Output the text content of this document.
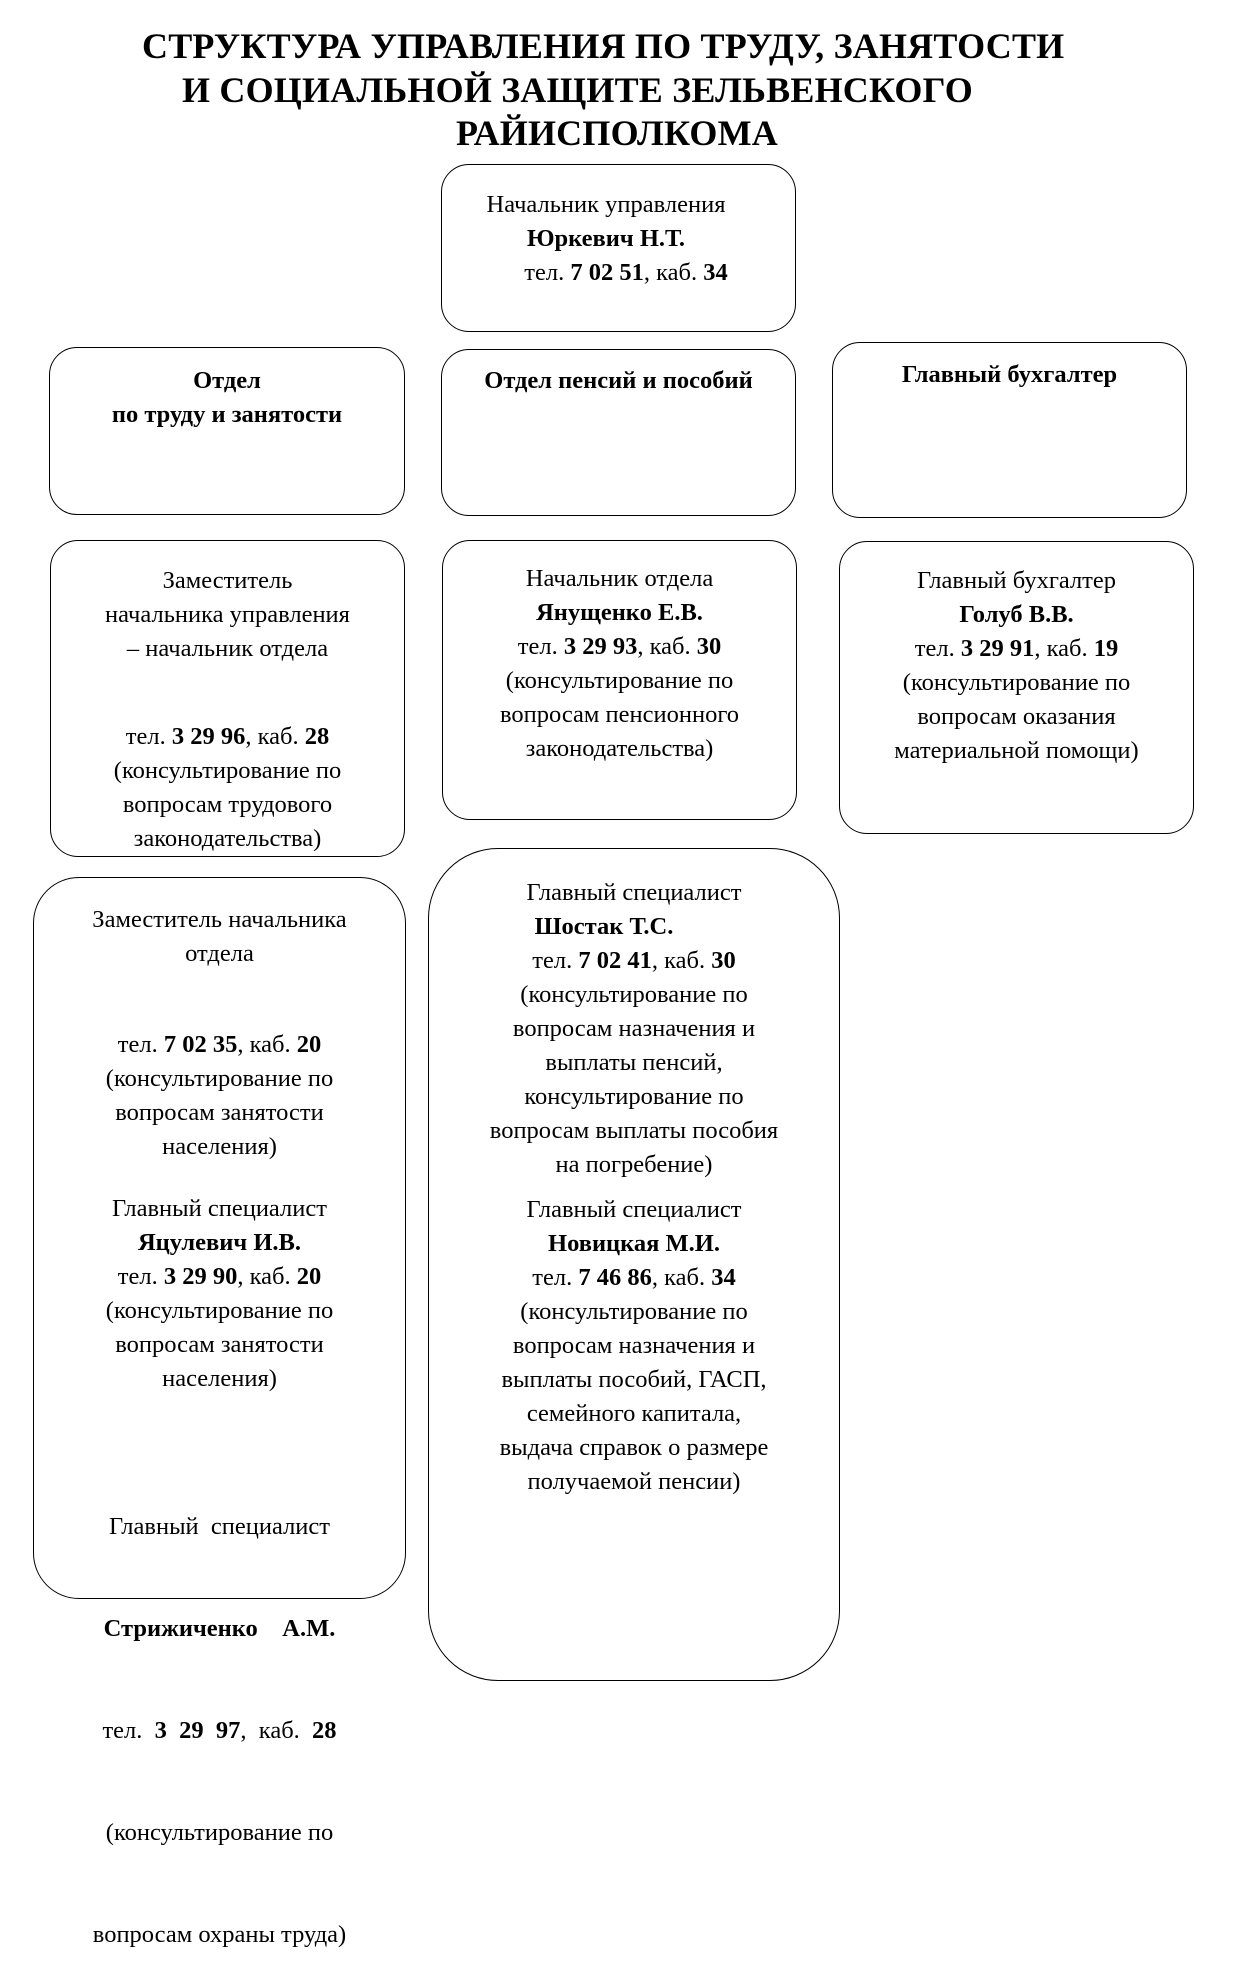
СТРУКТУРА УПРАВЛЕНИЯ ПО ТРУДУ, ЗАНЯТОСТИ
И СОЦИАЛЬНОЙ ЗАЩИТЕ ЗЕЛЬВЕНСКОГО
РАЙИСПОЛКОМА
Начальник управления
Юркевич Н.Т.
тел. 7 02 51, каб. 34
Отдел
по труду и занятости
Отдел пенсий и пособий	Главный бухгалтер
Заместитель
начальника управления
– начальник отдела
тел. 3 29 96, каб. 28
(консультирование по
вопросам трудового
законодательства)
Начальник отдела
Янущенко Е.В.
тел. 3 29 93, каб. 30
(консультирование по
вопросам пенсионного
законодательства)
Главный бухгалтер
Голуб В.В.
тел. 3 29 91, каб. 19
(консультирование по
вопросам оказания
материальной помощи)
Заместитель начальника
отдела
тел. 7 02 35, каб. 20
(консультирование по
вопросам занятости
населения)
Главный специалист
Яцулевич И.В.
тел. 3 29 90, каб. 20
(консультирование по
вопросам занятости
населения)

Главный  специалист

Стрижиченко    А.М.

тел. 3  29  97,  каб. 28

(консультирование по

вопросам охраны труда)

Главный специалист
Шостак Т.С.
тел. 7 02 41, каб. 30
(консультирование по
вопросам назначения и
выплаты пенсий,
консультирование по
вопросам выплаты пособия
на погребение)
Главный специалист
Новицкая М.И.
тел. 7 46 86, каб. 34
(консультирование по
вопросам назначения и
выплаты пособий, ГАСП,
семейного капитала,
выдача справок о размере
получаемой пенсии)
